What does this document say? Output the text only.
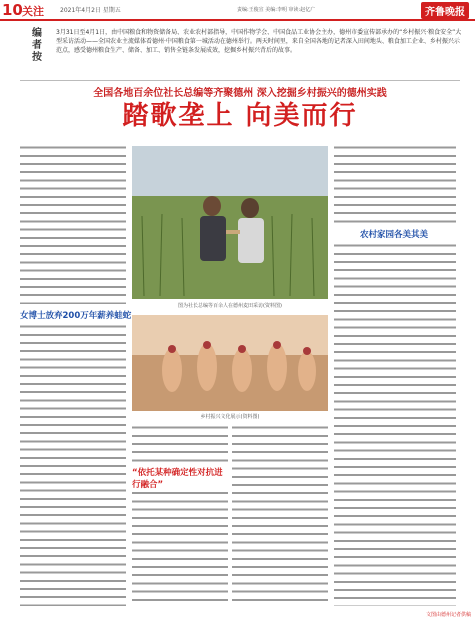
10 关注	2021年4月2日 星期五	责编:王俊宣 美编:李明 审读:赵亿广	齐鲁晚报
编者按
3月31日至4月1日，由中国粮食和物资储备局、农业农村部指导，中国作物学会、中国食品工业协会主办，德州市委宣传部承办的“乡村振兴·粮食安全”大型采访活动——全国农业主流媒体看德州·中国粮食第一城活动在德州举行。两天时间里，来自全国各地的记者深入田间地头、粮食加工企业、乡村振兴示范点，感受德州粮食生产、储备、加工、销售全链条发展成效，挖掘乡村振兴背后的故事。
全国各地百余位社长总编等齐聚德州 深入挖掘乡村振兴的德州实践
踏歌垄上 向美而行
女博士放弃200万年薪养蛙蛇
图为社长总编等百余人在德州麦田采访(资料图)
乡村振兴文化展示(资料图)
“依托某种确定性对抗进行融合”
农村家园各美其美
文图由德州记者供稿
